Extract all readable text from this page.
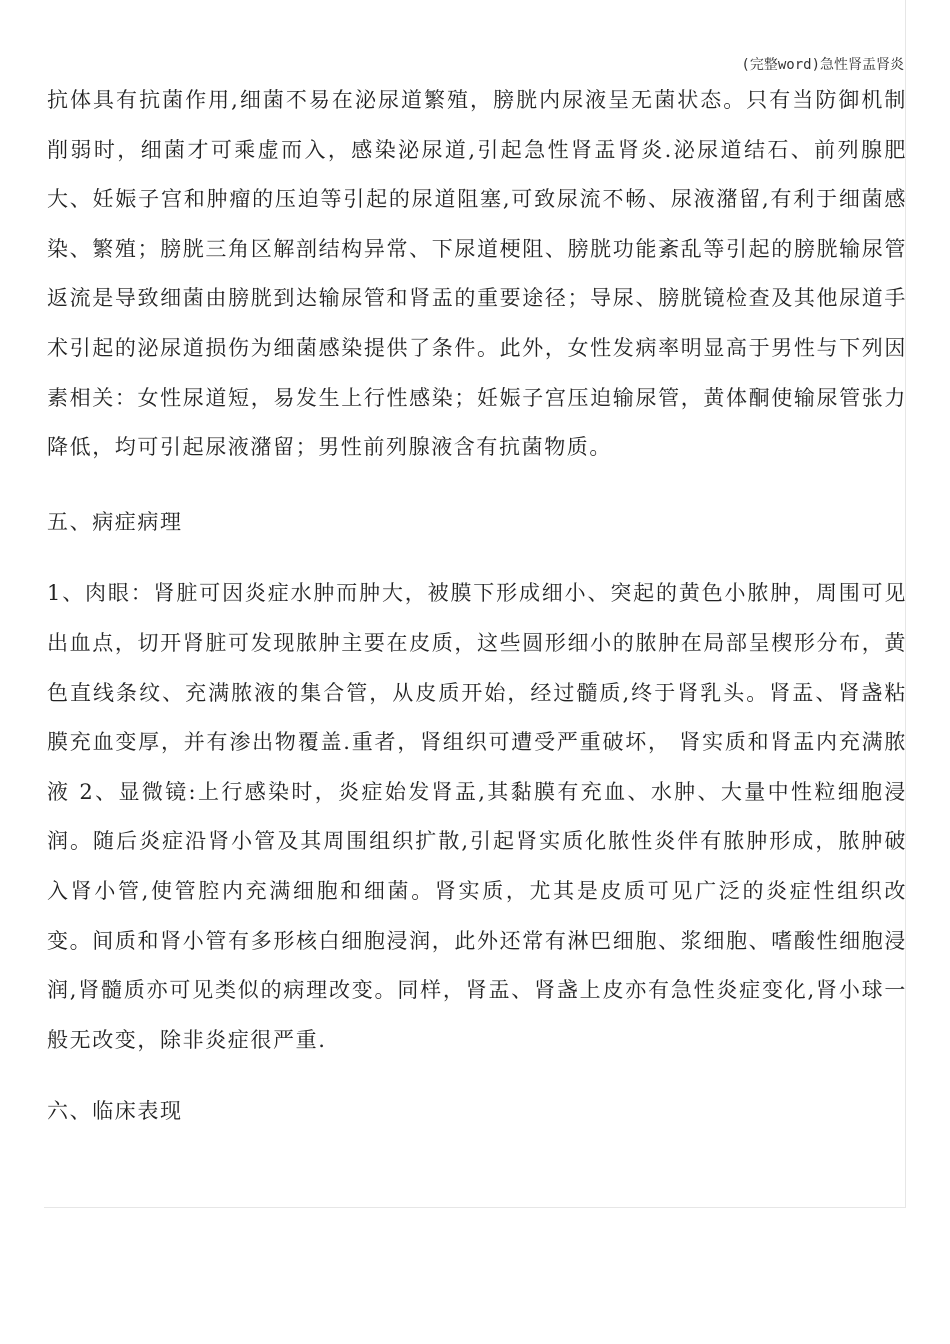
(完整word)急性肾盂肾炎

抗体具有抗菌作用,细菌不易在泌尿道繁殖，膀胱内尿液呈无菌状态。只有当防御机制削弱时，细菌才可乘虚而入，感染泌尿道,引起急性肾盂肾炎.泌尿道结石、前列腺肥大、妊娠子宫和肿瘤的压迫等引起的尿道阻塞,可致尿流不畅、尿液潴留,有利于细菌感染、繁殖；膀胱三角区解剖结构异常、下尿道梗阻、膀胱功能紊乱等引起的膀胱输尿管返流是导致细菌由膀胱到达输尿管和肾盂的重要途径；导尿、膀胱镜检查及其他尿道手术引起的泌尿道损伤为细菌感染提供了条件。此外，女性发病率明显高于男性与下列因素相关：女性尿道短，易发生上行性感染；妊娠子宫压迫输尿管，黄体酮使输尿管张力降低，均可引起尿液潴留；男性前列腺液含有抗菌物质。

五、病症病理

1、肉眼：肾脏可因炎症水肿而肿大，被膜下形成细小、突起的黄色小脓肿，周围可见出血点，切开肾脏可发现脓肿主要在皮质，这些圆形细小的脓肿在局部呈楔形分布，黄色直线条纹、充满脓液的集合管，从皮质开始，经过髓质,终于肾乳头。肾盂、肾盏粘膜充血变厚，并有渗出物覆盖.重者，肾组织可遭受严重破坏， 肾实质和肾盂内充满脓液 2、显微镜:上行感染时，炎症始发肾盂,其黏膜有充血、水肿、大量中性粒细胞浸润。随后炎症沿肾小管及其周围组织扩散,引起肾实质化脓性炎伴有脓肿形成，脓肿破入肾小管,使管腔内充满细胞和细菌。肾实质，尤其是皮质可见广泛的炎症性组织改变。间质和肾小管有多形核白细胞浸润，此外还常有淋巴细胞、浆细胞、嗜酸性细胞浸润,肾髓质亦可见类似的病理改变。同样，肾盂、肾盏上皮亦有急性炎症变化,肾小球一般无改变，除非炎症很严重.

六、临床表现
